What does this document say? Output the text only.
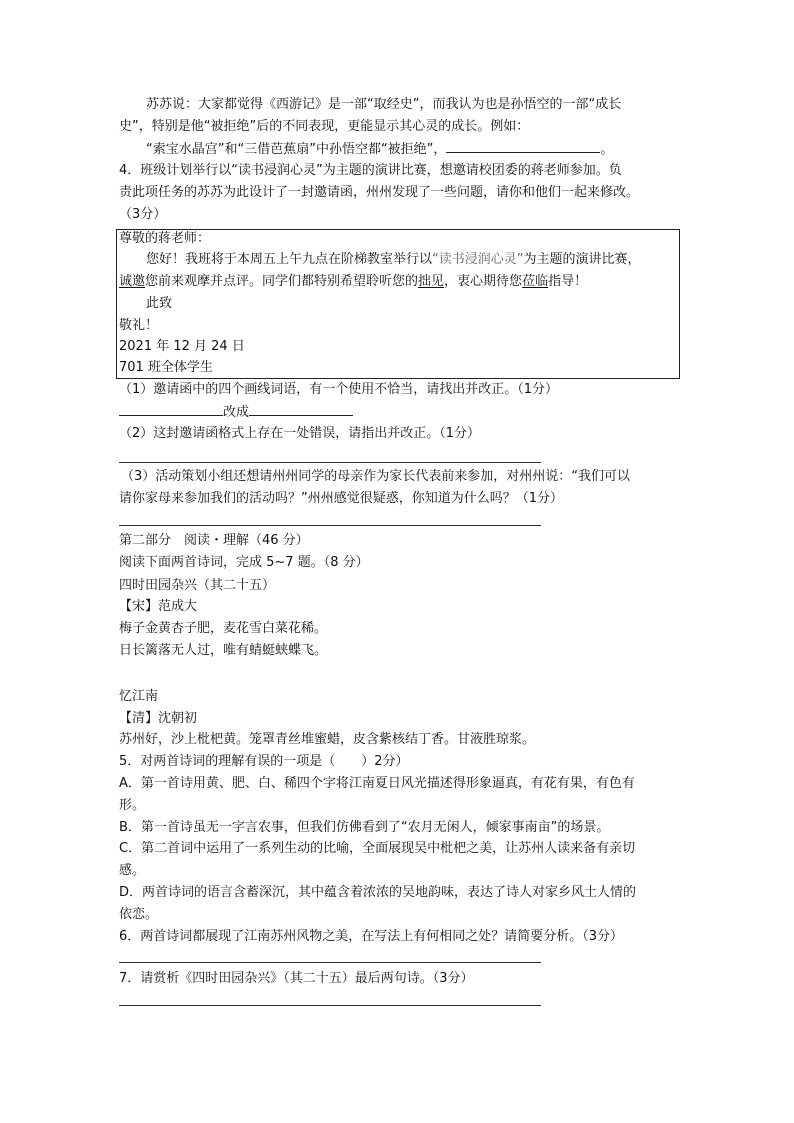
苏苏说：大家都觉得《西游记》是一部“取经史”，而我认为也是孙悟空的一部“成长
史”，特别是他“被拒绝”后的不同表现，更能显示其心灵的成长。例如：
“索宝水晶宫”和“三借芭蕉扇”中孙悟空都“被拒绝”，	。
4．班级计划举行以“读书浸润心灵”为主题的演讲比赛，想邀请校团委的蒋老师参加。负
责此项任务的苏苏为此设计了一封邀请函，州州发现了一些问题，请你和他们一起来修改。
（3分）
尊敬的蒋老师：
您好！我班将于本周五上午九点在阶梯教室举行以“读书浸润心灵”为主题的演讲比赛，
诚邀您前来观摩并点评。同学们都特别希望聆听您的拙见，衷心期待您莅临指导！
此致
敬礼！
2021 年 12 月 24 日
701 班全体学生
（1）邀请函中的四个画线词语，有一个使用不恰当，请找出并改正。（1分）
改成
（2）这封邀请函格式上存在一处错误，请指出并改正。（1分）
（3）活动策划小组还想请州州同学的母亲作为家长代表前来参加，对州州说：“我们可以
请你家母来参加我们的活动吗？”州州感觉很疑惑，你知道为什么吗？（1分）
第二部分　阅读・理解（46 分）
阅读下面两首诗词，完成 5~7 题。（8 分）
四时田园杂兴（其二十五）
【宋】范成大
梅子金黄杏子肥，麦花雪白菜花稀。
日长篱落无人过，唯有蜻蜓蛱蝶飞。
忆江南
【清】沈朝初
苏州好，沙上枇杷黄。笼罩青丝堆蜜蜡，皮含紫核结丁香。甘液胜琼浆。
5．对两首诗词的理解有误的一项是（　　）2分）
A．第一首诗用黄、肥、白、稀四个字将江南夏日风光描述得形象逼真，有花有果，有色有
形。
B．第一首诗虽无一字言农事，但我们仿佛看到了“农月无闲人，倾家事南亩”的场景。
C．第二首词中运用了一系列生动的比喻，全面展现吴中枇杷之美，让苏州人读来备有亲切
感。
D．两首诗词的语言含蓄深沉，其中蕴含着浓浓的吴地韵味，表达了诗人对家乡风土人情的
依恋。
6．两首诗词都展现了江南苏州风物之美，在写法上有何相同之处？请简要分析。（3分）
7．请赏析《四时田园杂兴》（其二十五）最后两句诗。（3分）
